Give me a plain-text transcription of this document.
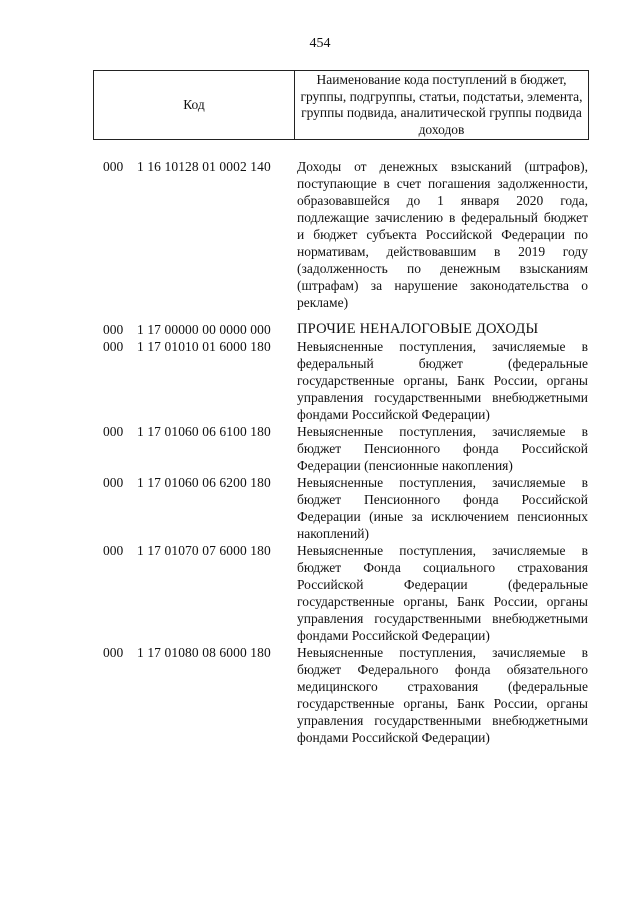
454
Код	Наименование кода поступлений в бюджет, группы, подгруппы, статьи, подстатьи, элемента, группы подвида, аналитической группы подвида доходов
000 1 16 10128 01 0002 140 Доходы от денежных взысканий (штрафов), поступающие в счет погашения задолженности, образовавшейся до 1 января 2020 года, подлежащие зачислению в федеральный бюджет и бюджет субъекта Российской Федерации по нормативам, действовавшим в 2019 году (задолженность по денежным взысканиям (штрафам) за нарушение законодательства о рекламе)
000 1 17 00000 00 0000 000 ПРОЧИЕ НЕНАЛОГОВЫЕ ДОХОДЫ
000 1 17 01010 01 6000 180 Невыясненные поступления, зачисляемые в федеральный бюджет (федеральные государственные органы, Банк России, органы управления государственными внебюджетными фондами Российской Федерации)
000 1 17 01060 06 6100 180 Невыясненные поступления, зачисляемые в бюджет Пенсионного фонда Российской Федерации (пенсионные накопления)
000 1 17 01060 06 6200 180 Невыясненные поступления, зачисляемые в бюджет Пенсионного фонда Российской Федерации (иные за исключением пенсионных накоплений)
000 1 17 01070 07 6000 180 Невыясненные поступления, зачисляемые в бюджет Фонда социального страхования Российской Федерации (федеральные государственные органы, Банк России, органы управления государственными внебюджетными фондами Российской Федерации)
000 1 17 01080 08 6000 180 Невыясненные поступления, зачисляемые в бюджет Федерального фонда обязательного медицинского страхования (федеральные государственные органы, Банк России, органы управления государственными внебюджетными фондами Российской Федерации)
